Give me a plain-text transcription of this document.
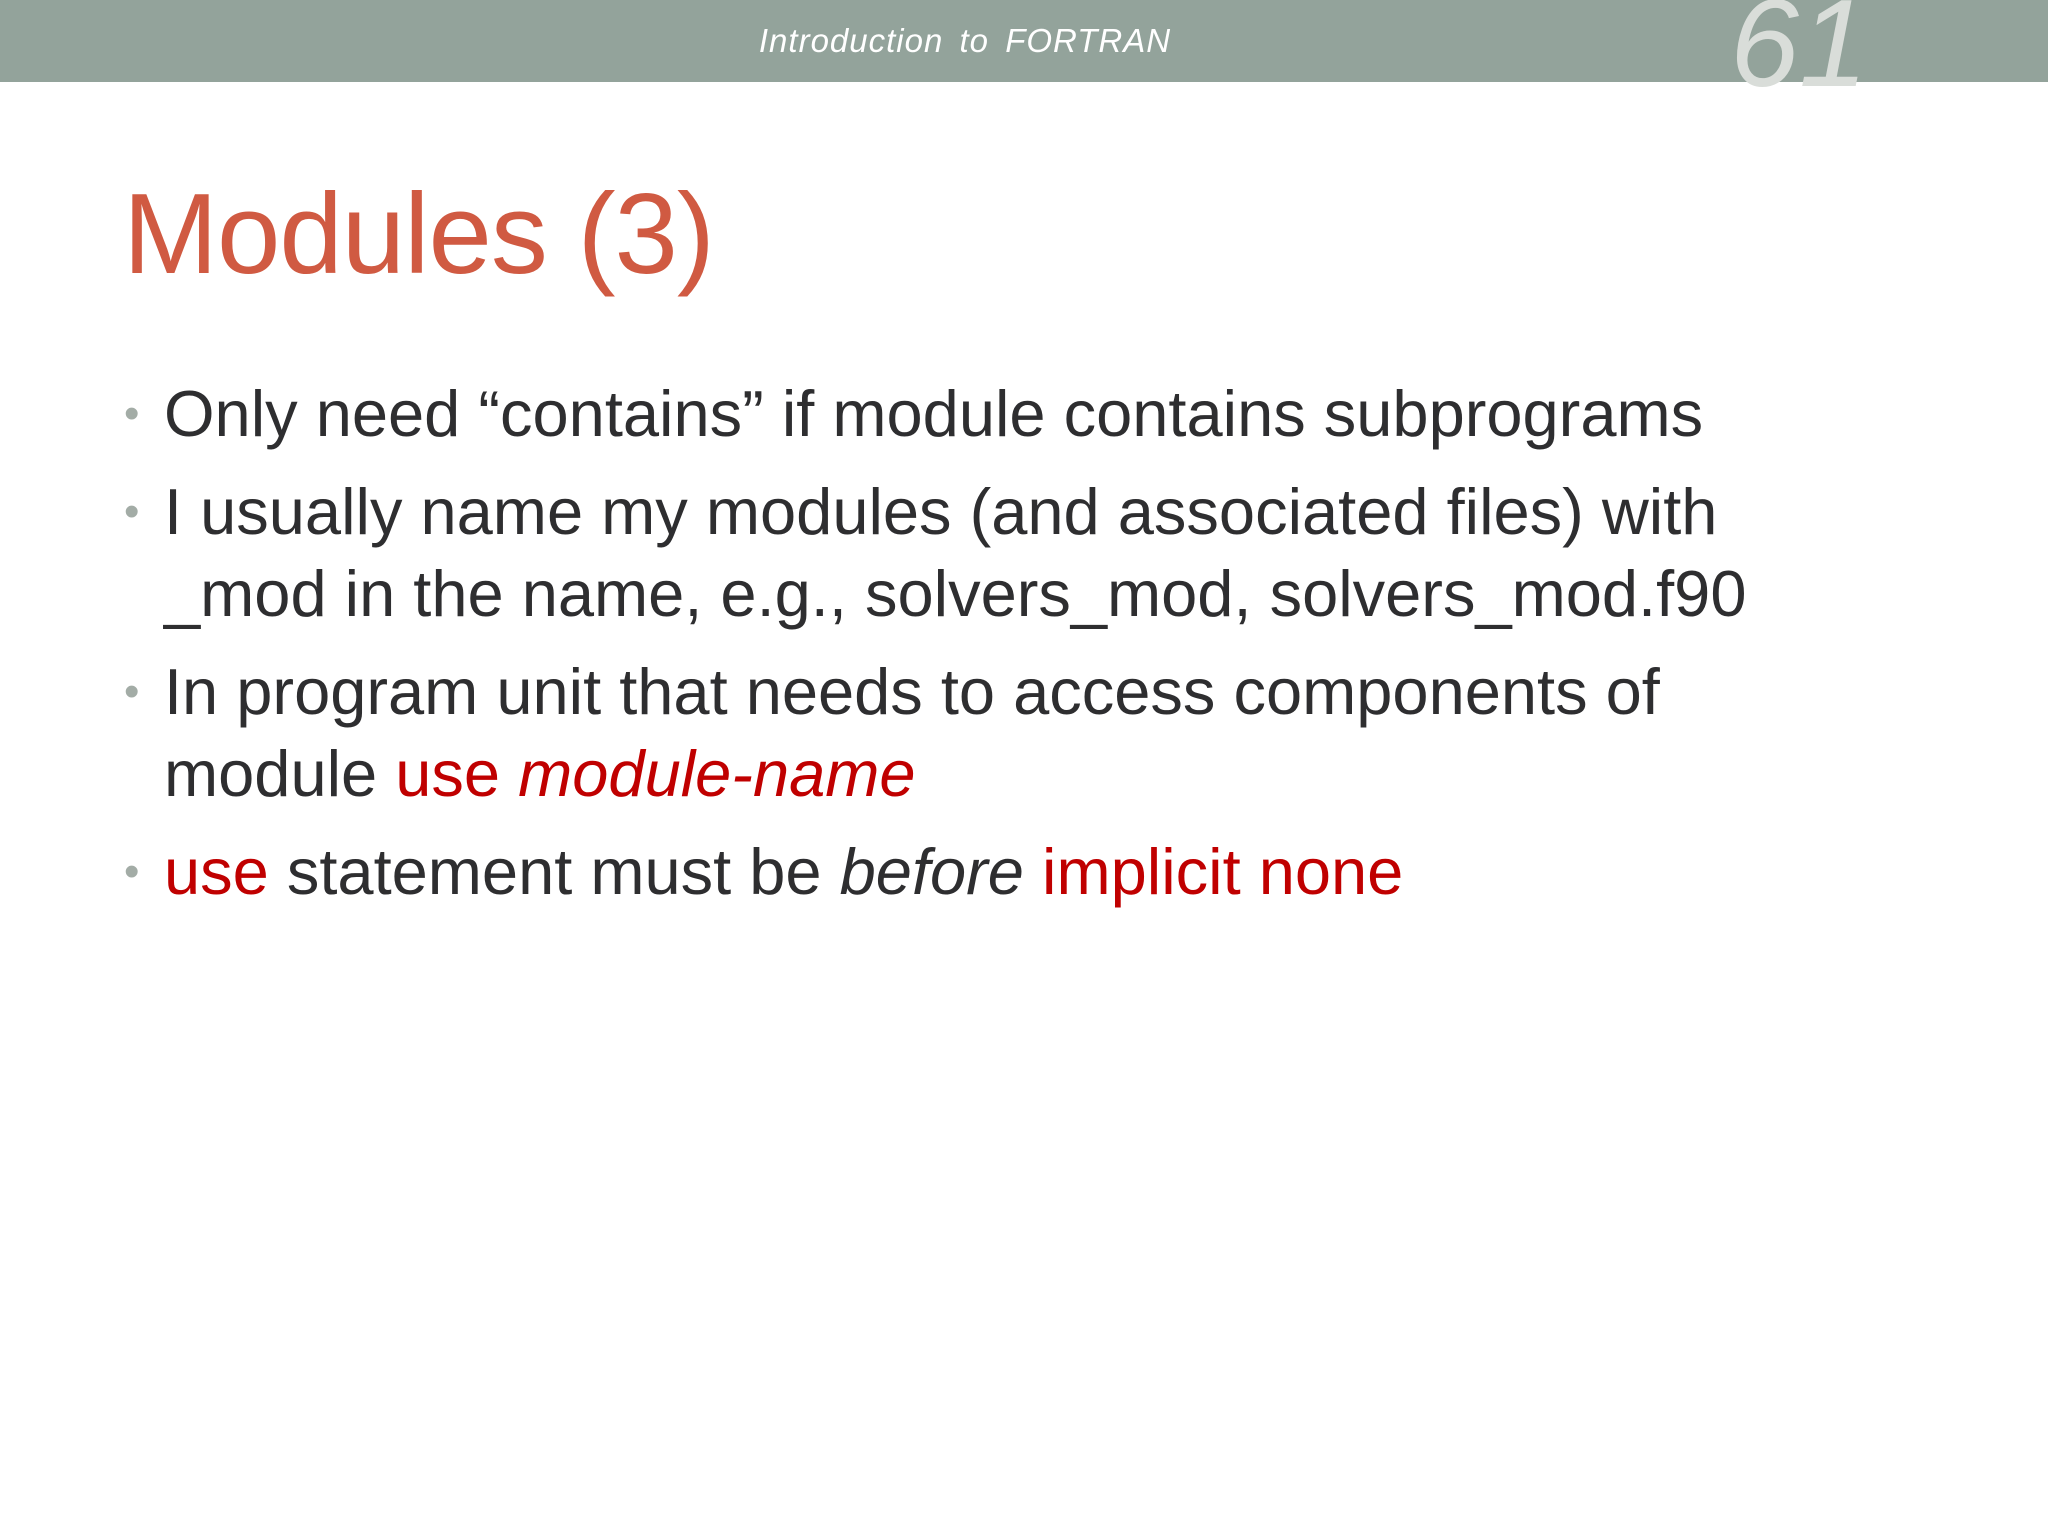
Introduction to FORTRAN	61
Modules (3)
• Only need “contains” if module contains subprograms
• I usually name my modules (and associated files) with
_mod in the name, e.g., solvers_mod, solvers_mod.f90
• In program unit that needs to access components of
module use module-name
• use statement must be before implicit none
